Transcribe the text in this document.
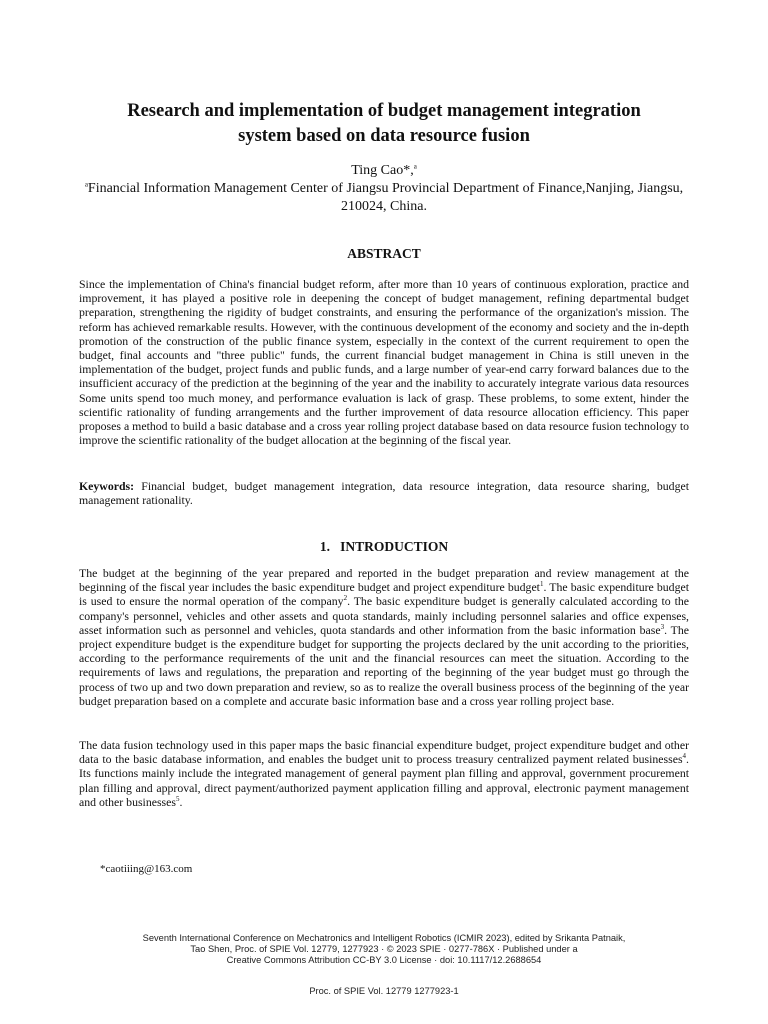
Research and implementation of budget management integration
system based on data resource fusion
Ting Cao*,$^a$
$^a$Financial Information Management Center of Jiangsu Provincial Department of Finance,Nanjing, Jiangsu, 210024, China.
ABSTRACT

Since the implementation of China's financial budget reform, after more than 10 years of continuous exploration, practice and improvement, it has played a positive role in deepening the concept of budget management, refining departmental budget preparation, strengthening the rigidity of budget constraints, and ensuring the performance of the organization's mission. The reform has achieved remarkable results. However, with the continuous development of the economy and society and the in-depth promotion of the construction of the public finance system, especially in the context of the current requirement to open the budget, final accounts and "three public" funds, the current financial budget management in China is still uneven in the implementation of the budget, project funds and public funds, and a large number of year-end carry forward balances due to the insufficient accuracy of the prediction at the beginning of the year and the inability to accurately integrate various data resources Some units spend too much money, and performance evaluation is lack of grasp. These problems, to some extent, hinder the scientific rationality of funding arrangements and the further improvement of data resource allocation efficiency. This paper proposes a method to build a basic database and a cross year rolling project database based on data resource fusion technology to improve the scientific rationality of the budget allocation at the beginning of the fiscal year.

Keywords: Financial budget, budget management integration, data resource integration, data resource sharing, budget management rationality.

1.   INTRODUCTION

The budget at the beginning of the year prepared and reported in the budget preparation and review management at the beginning of the fiscal year includes the basic expenditure budget and project expenditure budget$^1$. The basic expenditure budget is used to ensure the normal operation of the company$^2$. The basic expenditure budget is generally calculated according to the company's personnel, vehicles and other assets and quota standards, mainly including personnel salaries and office expenses, asset information such as personnel and vehicles, quota standards and other information from the basic information base$^3$. The project expenditure budget is the expenditure budget for supporting the projects declared by the unit according to the priorities, according to the performance requirements of the unit and the financial resources can meet the situation. According to the requirements of laws and regulations, the preparation and reporting of the beginning of the year budget must go through the process of two up and two down preparation and review, so as to realize the overall business process of the beginning of the year budget preparation based on a complete and accurate basic information base and a cross year rolling project base.

The data fusion technology used in this paper maps the basic financial expenditure budget, project expenditure budget and other data to the basic database information, and enables the budget unit to process treasury centralized payment related businesses$^4$. Its functions mainly include the integrated management of general payment plan filling and approval, government procurement plan filling and approval, direct payment/authorized payment application filling and approval, electronic payment management and other businesses$^5$.

*caotiiing@163.com
Seventh International Conference on Mechatronics and Intelligent Robotics (ICMIR 2023), edited by Srikanta Patnaik,
Tao Shen, Proc. of SPIE Vol. 12779, 1277923 · © 2023 SPIE · 0277-786X · Published under a
Creative Commons Attribution CC-BY 3.0 License · doi: 10.1117/12.2688654
Proc. of SPIE Vol. 12779 1277923-1
